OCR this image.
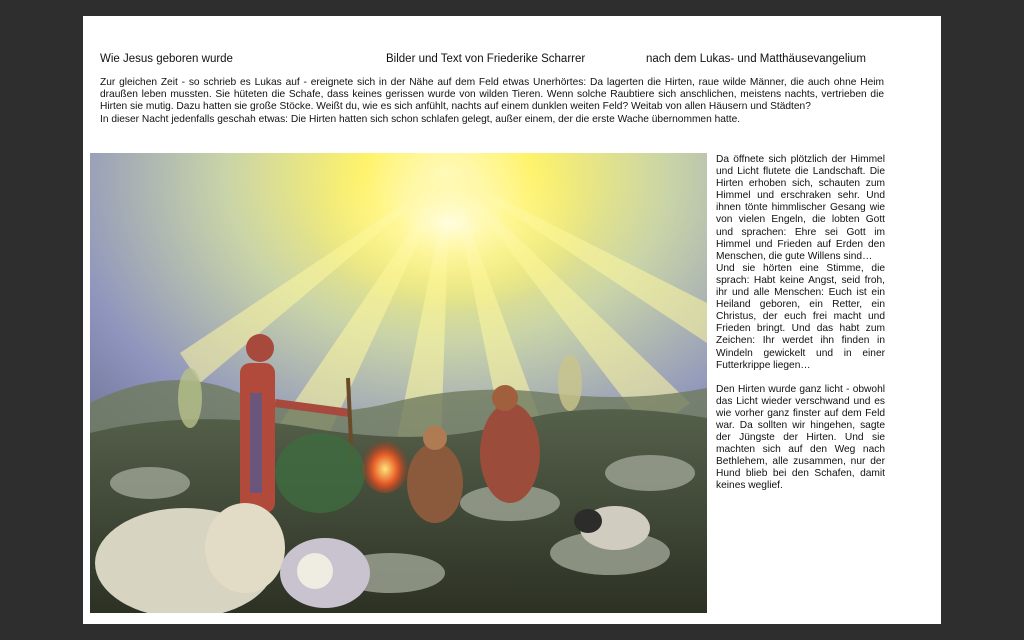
Wie Jesus geboren wurde	Bilder und Text von Friederike Scharrer	nach dem Lukas- und Matthäusevangelium

Zur gleichen Zeit - so schrieb es Lukas auf - ereignete sich in der Nähe auf dem Feld etwas Unerhörtes: Da lagerten die Hirten, raue wilde Männer, die auch ohne Heim draußen leben mussten. Sie hüteten die Schafe, dass keines gerissen wurde von wilden Tieren. Wenn solche Raubtiere sich anschlichen, meistens nachts, vertrieben die Hirten sie mutig. Dazu hatten sie große Stöcke. Weißt du, wie es sich anfühlt, nachts auf einem dunklen weiten Feld? Weitab von allen Häusern und Städten?

In dieser Nacht jedenfalls geschah etwas: Die Hirten hatten sich schon schlafen gelegt, außer einem, der die erste Wache übernommen hatte.

Da öffnete sich plötzlich der Himmel und Licht flutete die Landschaft. Die Hirten erhoben sich, schauten zum Himmel und erschraken sehr. Und ihnen tönte himmlischer Gesang wie von vielen Engeln, die lobten Gott und sprachen: Ehre sei Gott im Himmel und Frieden auf Erden den Menschen, die gute Willens sind…

Und sie hörten eine Stimme, die sprach: Habt keine Angst, seid froh, ihr und alle Menschen: Euch ist ein Heiland geboren, ein Retter, ein Christus, der euch frei macht und Frieden bringt. Und das habt zum Zeichen: Ihr werdet ihn finden in Windeln gewickelt und in einer Futterkrippe liegen…

Den Hirten wurde ganz licht - obwohl das Licht wieder verschwand und es wie vorher ganz finster auf dem Feld war. Da sollten wir hingehen, sagte der Jüngste der Hirten. Und sie machten sich auf den Weg nach Bethlehem, alle zusammen, nur der Hund blieb bei den Schafen, damit keines weglief.
